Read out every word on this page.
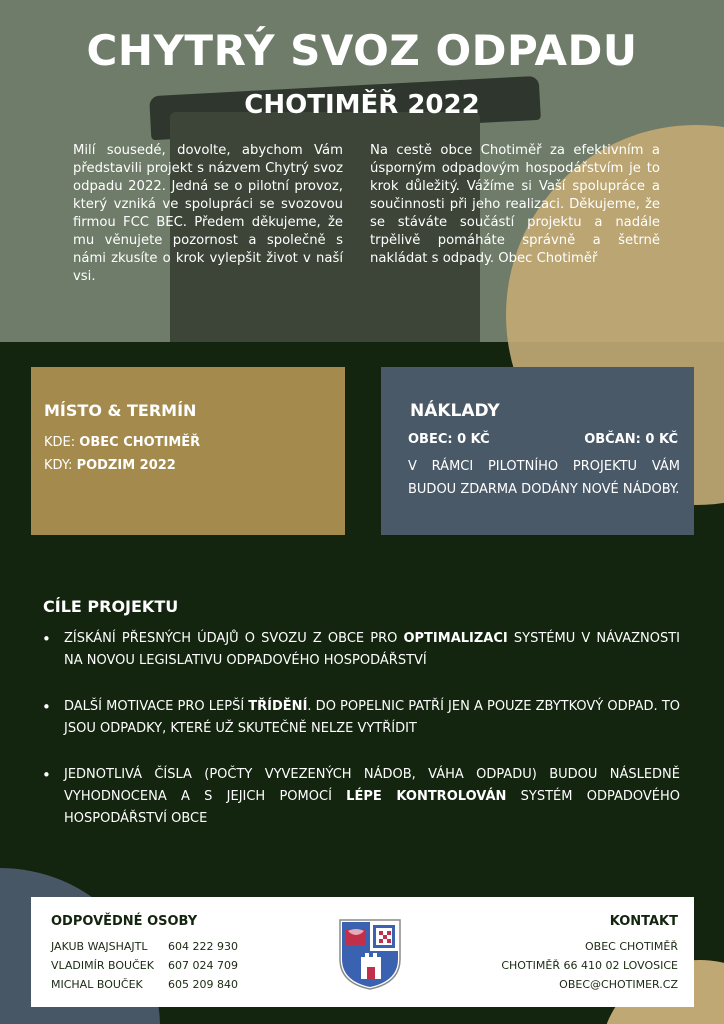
CHYTRÝ SVOZ ODPADU
CHOTIMĚŘ 2022
Milí sousedé, dovolte, abychom Vám představili projekt s názvem Chytrý svoz odpadu 2022. Jedná se o pilotní provoz, který vzniká ve spolupráci se svozovou firmou FCC BEC. Předem děkujeme, že mu věnujete pozornost a společně s námi zkusíte o krok vylepšit život v naší vsi.
Na cestě obce Chotiměř za efektivním a úsporným odpadovým hospodářstvím je to krok důležitý. Vážíme si Vaší spolupráce a součinnosti při jeho realizaci. Děkujeme, že se stáváte součástí projektu a nadále trpělivě pomáháte správně a šetrně nakládat s odpady. Obec Chotiměř
MÍSTO & TERMÍN
KDE: OBEC CHOTIMĚŘ
KDY: PODZIM 2022
NÁKLADY
OBEC: 0 KČ	OBČAN: 0 KČ
V RÁMCI PILOTNÍHO PROJEKTU VÁM BUDOU ZDARMA DODÁNY NOVÉ NÁDOBY.
CÍLE PROJEKTU
• ZÍSKÁNÍ PŘESNÝCH ÚDAJŮ O SVOZU Z OBCE PRO OPTIMALIZACI SYSTÉMU V NÁVAZNOSTI NA NOVOU LEGISLATIVU ODPADOVÉHO HOSPODÁŘSTVÍ
• DALŠÍ MOTIVACE PRO LEPŠÍ TŘÍDĚNÍ. DO POPELNIC PATŘÍ JEN A POUZE ZBYTKOVÝ ODPAD. TO JSOU ODPADKY, KTERÉ UŽ SKUTEČNĚ NELZE VYTŘÍDIT
• JEDNOTLIVÁ ČÍSLA (POČTY VYVEZENÝCH NÁDOB, VÁHA ODPADU) BUDOU NÁSLEDNĚ VYHODNOCENA A S JEJICH POMOCÍ LÉPE KONTROLOVÁN SYSTÉM ODPADOVÉHO HOSPODÁŘSTVÍ OBCE
ODPOVĚDNÉ OSOBY
JAKUB WAJSHAJTL 604 222 930
VLADIMÍR BOUČEK 607 024 709
MICHAL BOUČEK 605 209 840
KONTAKT
OBEC CHOTIMĚŘ
CHOTIMĚŘ 66 410 02 LOVOSICE
OBEC@CHOTIMER.CZ
